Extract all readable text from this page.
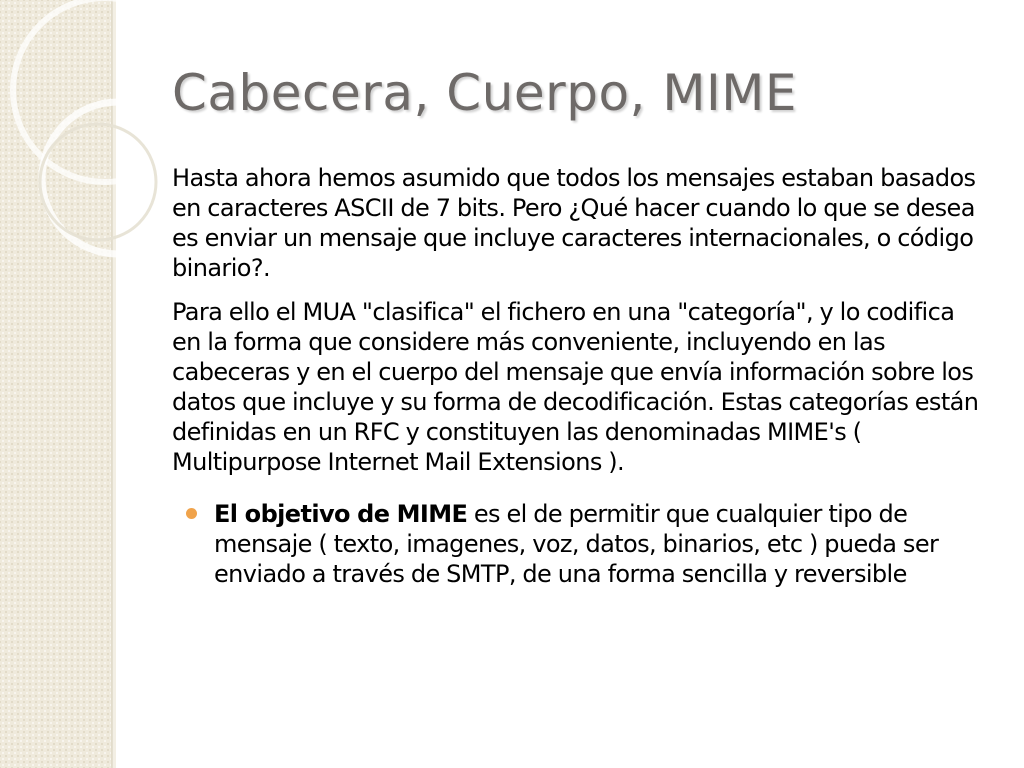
Cabecera, Cuerpo, MIME

Hasta ahora hemos asumido que todos los mensajes estaban basados en caracteres ASCII de 7 bits. Pero ¿Qué hacer cuando lo que se desea es enviar un mensaje que incluye caracteres internacionales, o código binario?.

Para ello el MUA "clasifica" el fichero en una "categoría", y lo codifica en la forma que considere más conveniente, incluyendo en las cabeceras y en el cuerpo del mensaje que envía información sobre los datos que incluye y su forma de decodificación. Estas categorías están definidas en un RFC y constituyen las denominadas MIME's ( Multipurpose Internet Mail Extensions ).

El objetivo de MIME es el de permitir que cualquier tipo de mensaje ( texto, imagenes, voz, datos, binarios, etc ) pueda ser enviado a través de SMTP, de una forma sencilla y reversible
